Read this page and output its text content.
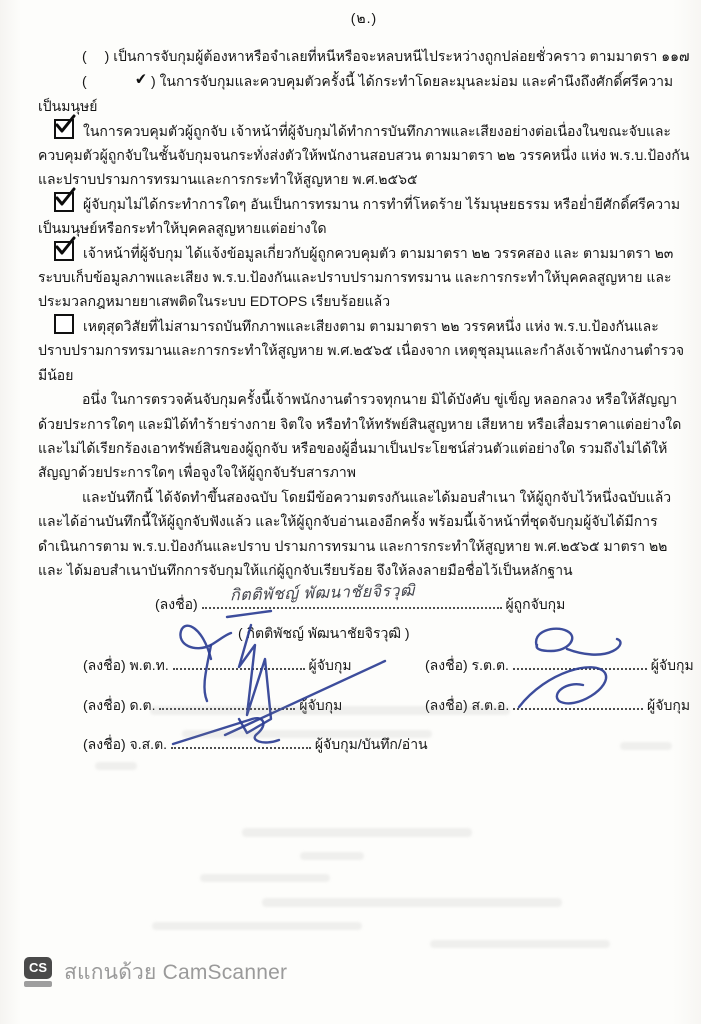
(๒.)

( ) เป็นการจับกุมผู้ต้องหาหรือจำเลยที่หนีหรือจะหลบหนีไประหว่างถูกปล่อยชั่วคราว ตามมาตรา ๑๑๗

(	✔ ) ในการจับกุมและควบคุมตัวครั้งนี้ ได้กระทำโดยละมุนละม่อม และคำนึงถึงศักดิ์ศรีความเป็นมนุษย์

ในการควบคุมตัวผู้ถูกจับ เจ้าหน้าที่ผู้จับกุมได้ทำการบันทึกภาพและเสียงอย่างต่อเนื่องในขณะจับและควบคุมตัวผู้ถูกจับในชั้นจับกุมจนกระทั่งส่งตัวให้พนักงานสอบสวน ตามมาตรา ๒๒ วรรคหนึ่ง แห่ง พ.ร.บ.ป้องกันและปราบปรามการทรมานและการกระทำให้สูญหาย พ.ศ.๒๕๖๕

ผู้จับกุมไม่ได้กระทำการใดๆ อันเป็นการทรมาน การทำที่โหดร้าย ไร้มนุษยธรรม หรือย่ำยีศักดิ์ศรีความเป็นมนุษย์หรือกระทำให้บุคคลสูญหายแต่อย่างใด

เจ้าหน้าที่ผู้จับกุม ได้แจ้งข้อมูลเกี่ยวกับผู้ถูกควบคุมตัว ตามมาตรา ๒๒ วรรคสอง และ ตามมาตรา ๒๓ ระบบเก็บข้อมูลภาพและเสียง พ.ร.บ.ป้องกันและปราบปรามการทรมาน และการกระทำให้บุคคลสูญหาย และประมวลกฎหมายยาเสพติดในระบบ EDTOPS เรียบร้อยแล้ว

เหตุสุดวิสัยที่ไม่สามารถบันทึกภาพและเสียงตาม ตามมาตรา ๒๒ วรรคหนึ่ง แห่ง พ.ร.บ.ป้องกันและปราบปรามการทรมานและการกระทำให้สูญหาย พ.ศ.๒๕๖๕ เนื่องจาก เหตุชุลมุนและกำลังเจ้าพนักงานตำรวจมีน้อย

อนึ่ง ในการตรวจค้นจับกุมครั้งนี้เจ้าพนักงานตำรวจทุกนาย มิได้บังคับ ขู่เข็ญ หลอกลวง หรือให้สัญญาด้วยประการใดๆ และมิได้ทำร้ายร่างกาย จิตใจ หรือทำให้ทรัพย์สินสูญหาย เสียหาย หรือเสื่อมราคาแต่อย่างใด และไม่ได้เรียกร้องเอาทรัพย์สินของผู้ถูกจับ หรือของผู้อื่นมาเป็นประโยชน์ส่วนตัวแต่อย่างใด รวมถึงไม่ได้ให้สัญญาด้วยประการใดๆ เพื่อจูงใจให้ผู้ถูกจับรับสารภาพ

และบันทึกนี้ ได้จัดทำขึ้นสองฉบับ โดยมีข้อความตรงกันและได้มอบสำเนา ให้ผู้ถูกจับไว้หนึ่งฉบับแล้ว และได้อ่านบันทึกนี้ให้ผู้ถูกจับฟังแล้ว และให้ผู้ถูกจับอ่านเองอีกครั้ง พร้อมนี้เจ้าหน้าที่ชุดจับกุมผู้จับได้มีการดำเนินการตาม พ.ร.บ.ป้องกันและปราบ ปรามการทรมาน และการกระทำให้สูญหาย พ.ศ.๒๕๖๕ มาตรา ๒๒ และ ได้มอบสำเนาบันทึกการจับกุมให้แก่ผู้ถูกจับเรียบร้อย จึงให้ลงลายมือชื่อไว้เป็นหลักฐาน

(ลงชื่อ) กิตติพัชญ์ พัฒนาชัยจิรวุฒิ	ผู้ถูกจับกุม

( กิตติพัชญ์ พัฒนาชัยจิรวุฒิ )

(ลงชื่อ) พ.ต.ท.	ผู้จับกุม	(ลงชื่อ) ร.ต.ต.	ผู้จับกุม

(ลงชื่อ) ด.ต.	ผู้จับกุม	(ลงชื่อ) ส.ต.อ.	ผู้จับกุม

(ลงชื่อ) จ.ส.ต.	ผู้จับกุม/บันทึก/อ่าน

CS สแกนด้วย CamScanner
